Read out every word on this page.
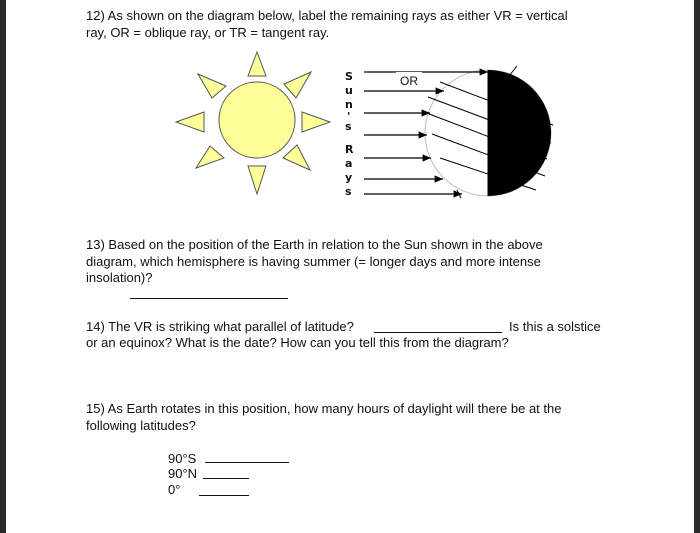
12) As shown on the diagram below, label the remaining rays as either VR = vertical
ray, OR = oblique ray, or TR = tangent ray.
S
u
n
'
s
R
a
y
s
OR
13) Based on the position of the Earth in relation to the Sun shown in the above
diagram, which hemisphere is having summer (= longer days and more intense
insolation)?
14) The VR is striking what parallel of latitude?	Is this a solstice
or an equinox? What is the date? How can you tell this from the diagram?
15) As Earth rotates in this position, how many hours of daylight will there be at the
following latitudes?
90°S
90°N
0°
